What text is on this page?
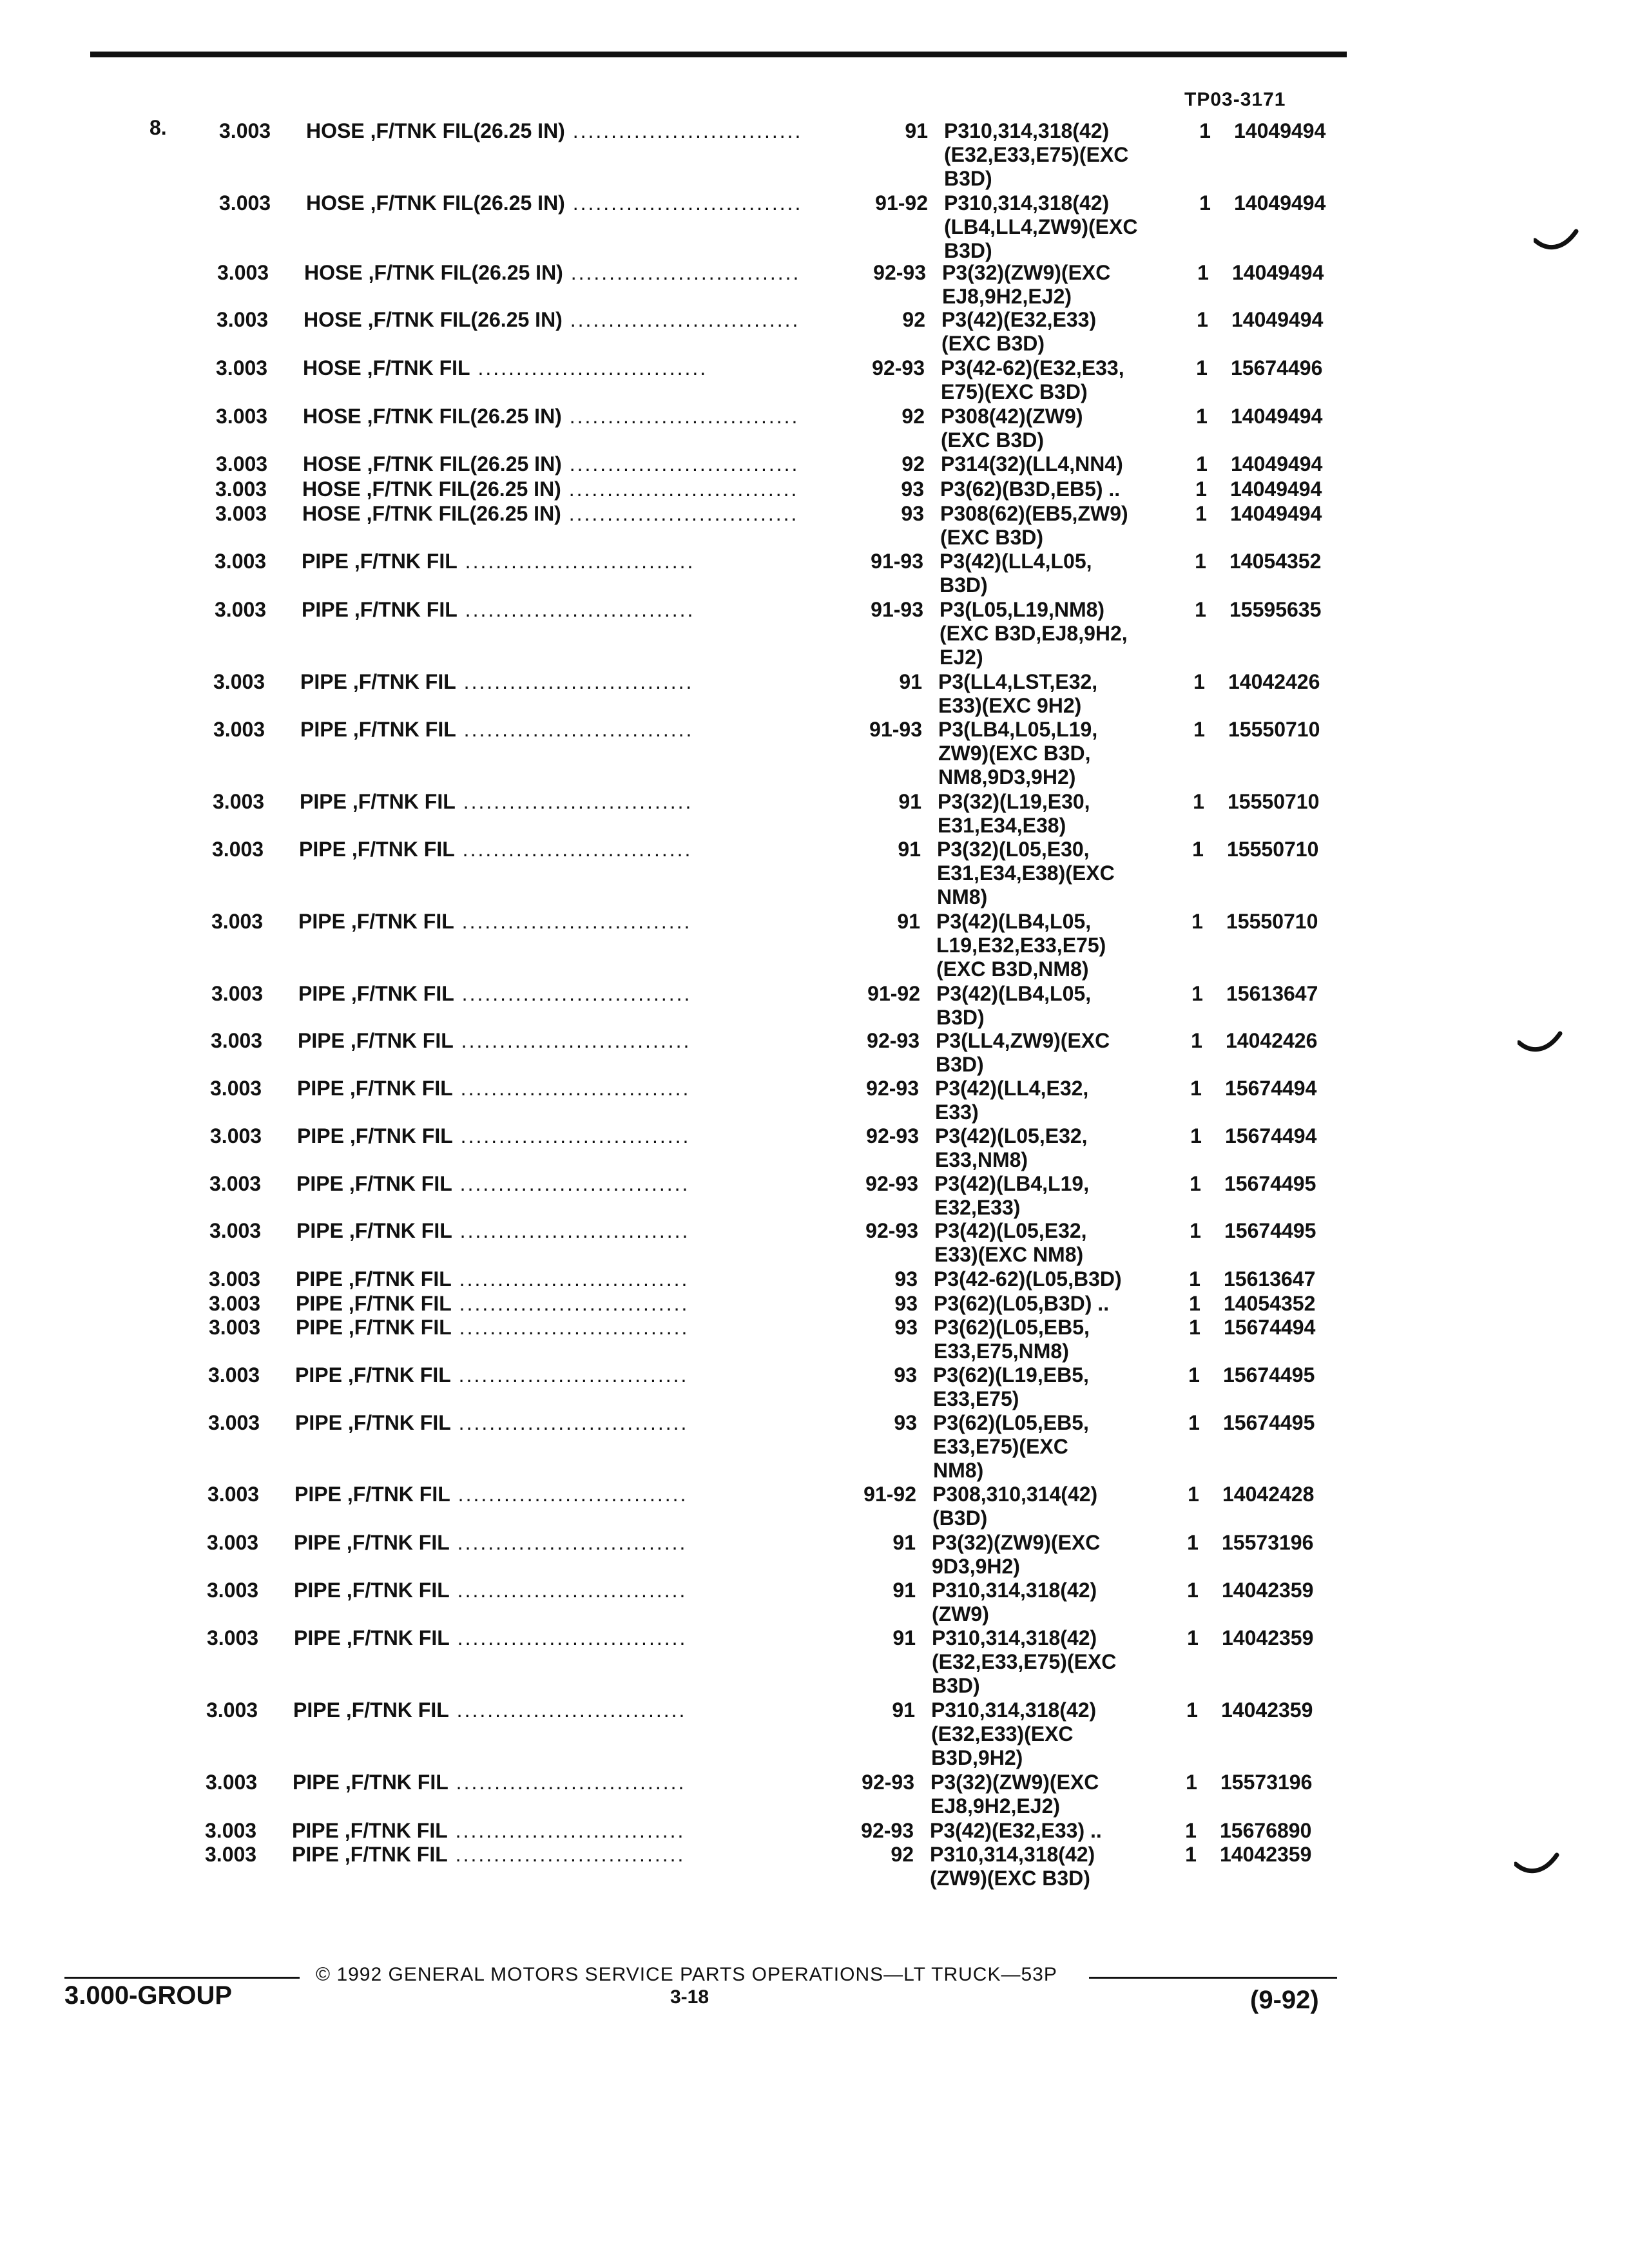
TP03-3171
8.	3.003	HOSE ,F/TNK FIL(26.25 IN) ..............................	91 P310,314,318(42)
(E32,E33,E75)(EXC
B3D)
1 14049494
3.003	HOSE ,F/TNK FIL(26.25 IN) ..............................	91-92 P310,314,318(42)
(LB4,LL4,ZW9)(EXC
B3D)
1 14049494
3.003	HOSE ,F/TNK FIL(26.25 IN) ..............................	92-93 P3(32)(ZW9)(EXC
EJ8,9H2,EJ2)
1 14049494
3.003	HOSE ,F/TNK FIL(26.25 IN) ..............................	92 P3(42)(E32,E33)
(EXC B3D)
1 14049494
3.003	HOSE ,F/TNK FIL ..............................	92-93 P3(42-62)(E32,E33,
E75)(EXC B3D)
1 15674496
3.003	HOSE ,F/TNK FIL(26.25 IN) ..............................	92 P308(42)(ZW9)
(EXC B3D)
1 14049494
3.003	HOSE ,F/TNK FIL(26.25 IN) ..............................	92 P314(32)(LL4,NN4)	1 14049494
3.003	HOSE ,F/TNK FIL(26.25 IN) ..............................	93 P3(62)(B3D,EB5) ..	1 14049494
3.003	HOSE ,F/TNK FIL(26.25 IN) ..............................	93 P308(62)(EB5,ZW9)
(EXC B3D)
1 14049494
3.003	PIPE ,F/TNK FIL ..............................	91-93 P3(42)(LL4,L05,
B3D)
1 14054352
3.003	PIPE ,F/TNK FIL ..............................	91-93 P3(L05,L19,NM8)
(EXC B3D,EJ8,9H2,
EJ2)
1 15595635
3.003	PIPE ,F/TNK FIL ..............................	91 P3(LL4,LST,E32,
E33)(EXC 9H2)
1 14042426
3.003	PIPE ,F/TNK FIL ..............................	91-93 P3(LB4,L05,L19,
ZW9)(EXC B3D,
NM8,9D3,9H2)
1 15550710
3.003	PIPE ,F/TNK FIL ..............................	91 P3(32)(L19,E30,
E31,E34,E38)
1 15550710
3.003	PIPE ,F/TNK FIL ..............................	91 P3(32)(L05,E30,
E31,E34,E38)(EXC
NM8)
1 15550710
3.003	PIPE ,F/TNK FIL ..............................	91 P3(42)(LB4,L05,
L19,E32,E33,E75)
(EXC B3D,NM8)
1 15550710
3.003	PIPE ,F/TNK FIL ..............................	91-92 P3(42)(LB4,L05,
B3D)
1 15613647
3.003	PIPE ,F/TNK FIL ..............................	92-93 P3(LL4,ZW9)(EXC
B3D)
1 14042426
3.003	PIPE ,F/TNK FIL ..............................	92-93 P3(42)(LL4,E32,
E33)
1 15674494
3.003	PIPE ,F/TNK FIL ..............................	92-93 P3(42)(L05,E32,
E33,NM8)
1 15674494
3.003	PIPE ,F/TNK FIL ..............................	92-93 P3(42)(LB4,L19,
E32,E33)
1 15674495
3.003	PIPE ,F/TNK FIL ..............................	92-93 P3(42)(L05,E32,
E33)(EXC NM8)
1 15674495
3.003	PIPE ,F/TNK FIL ..............................	93 P3(42-62)(L05,B3D)	1 15613647
3.003	PIPE ,F/TNK FIL ..............................	93 P3(62)(L05,B3D) ..	1 14054352
3.003	PIPE ,F/TNK FIL ..............................	93 P3(62)(L05,EB5,
E33,E75,NM8)
1 15674494
3.003	PIPE ,F/TNK FIL ..............................	93 P3(62)(L19,EB5,
E33,E75)
1 15674495
3.003	PIPE ,F/TNK FIL ..............................	93 P3(62)(L05,EB5,
E33,E75)(EXC
NM8)
1 15674495
3.003	PIPE ,F/TNK FIL ..............................	91-92 P308,310,314(42)
(B3D)
1 14042428
3.003	PIPE ,F/TNK FIL ..............................	91 P3(32)(ZW9)(EXC
9D3,9H2)
1 15573196
3.003	PIPE ,F/TNK FIL ..............................	91 P310,314,318(42)
(ZW9)
1 14042359
3.003	PIPE ,F/TNK FIL ..............................	91 P310,314,318(42)
(E32,E33,E75)(EXC
B3D)
1 14042359
3.003	PIPE ,F/TNK FIL ..............................	91 P310,314,318(42)
(E32,E33)(EXC
B3D,9H2)
1 14042359
3.003	PIPE ,F/TNK FIL ..............................	92-93 P3(32)(ZW9)(EXC
EJ8,9H2,EJ2)
1 15573196
3.003	PIPE ,F/TNK FIL ..............................	92-93 P3(42)(E32,E33) ..	1 15676890
3.003	PIPE ,F/TNK FIL ..............................	92 P310,314,318(42)
(ZW9)(EXC B3D)
1 14042359
© 1992 GENERAL MOTORS SERVICE PARTS OPERATIONS—LT TRUCK—53P
3.000-GROUP	3-18	(9-92)
